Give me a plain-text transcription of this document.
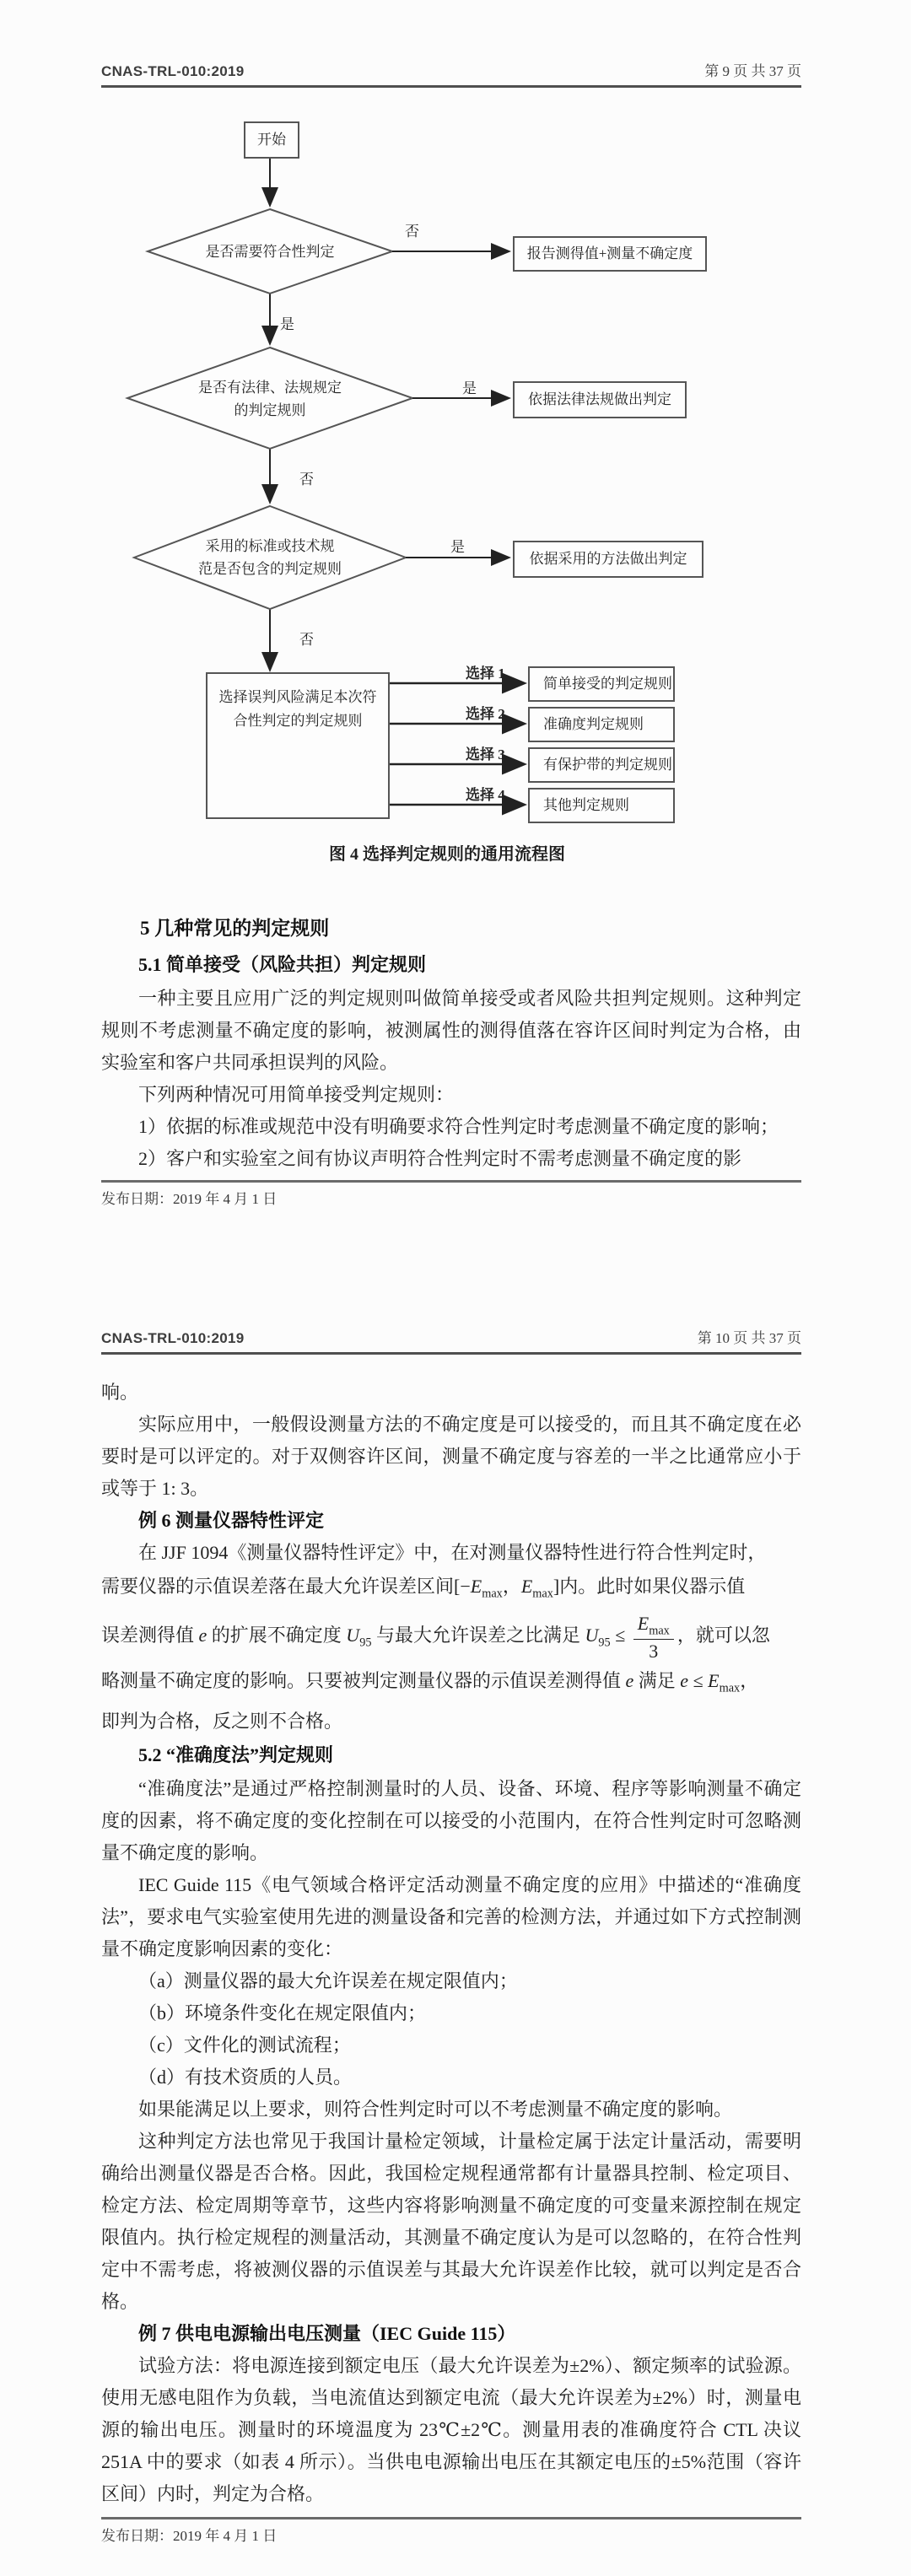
CNAS-TRL-010:2019	第 9 页 共 37 页
开始
是否需要符合性判定
否
报告测得值+测量不确定度
是
是否有法律、法规规定
的判定规则
是
依据法律法规做出判定
否
采用的标准或技术规
范是否包含的判定规则
是
依据采用的方法做出判定
否
选择误判风险满足本次符
合性判定的判定规则
选择 1
选择 2
选择 3
选择 4
简单接受的判定规则
准确度判定规则
有保护带的判定规则
其他判定规则
图 4 选择判定规则的通用流程图

5 几种常见的判定规则

5.1 简单接受（风险共担）判定规则

一种主要且应用广泛的判定规则叫做简单接受或者风险共担判定规则。这种判定规则不考虑测量不确定度的影响，被测属性的测得值落在容许区间时判定为合格，由实验室和客户共同承担误判的风险。

下列两种情况可用简单接受判定规则：

1）依据的标准或规范中没有明确要求符合性判定时考虑测量不确定度的影响；

2）客户和实验室之间有协议声明符合性判定时不需考虑测量不确定度的影

发布日期：2019 年 4 月 1 日
CNAS-TRL-010:2019	第 10 页 共 37 页

响。

实际应用中，一般假设测量方法的不确定度是可以接受的，而且其不确定度在必要时是可以评定的。对于双侧容许区间，测量不确定度与容差的一半之比通常应小于或等于 1: 3。

例 6 测量仪器特性评定

在 JJF 1094《测量仪器特性评定》中，在对测量仪器特性进行符合性判定时，
需要仪器的示值误差落在最大允许误差区间[$-E_{max}$，$E_{max}$]内。此时如果仪器示值
误差测得值 e 的扩展不确定度 $U_{95}$ 与最大允许误差之比满足 $U_{95} \le \frac{E_{max}}{3}$ ，就可以忽
略测量不确定度的影响。只要被判定测量仪器的示值误差测得值 e 满足 $e \le E_{max}$，
即判为合格，反之则不合格。

5.2 “准确度法”判定规则

“准确度法”是通过严格控制测量时的人员、设备、环境、程序等影响测量不确定度的因素，将不确定度的变化控制在可以接受的小范围内，在符合性判定时可忽略测量不确定度的影响。

IEC Guide 115《电气领域合格评定活动测量不确定度的应用》中描述的“准确度法”，要求电气实验室使用先进的测量设备和完善的检测方法，并通过如下方式控制测量不确定度影响因素的变化：

（a）测量仪器的最大允许误差在规定限值内；

（b）环境条件变化在规定限值内；

（c）文件化的测试流程；

（d）有技术资质的人员。

如果能满足以上要求，则符合性判定时可以不考虑测量不确定度的影响。

这种判定方法也常见于我国计量检定领域，计量检定属于法定计量活动，需要明确给出测量仪器是否合格。因此，我国检定规程通常都有计量器具控制、检定项目、检定方法、检定周期等章节，这些内容将影响测量不确定度的可变量来源控制在规定限值内。执行检定规程的测量活动，其测量不确定度认为是可以忽略的，在符合性判定中不需考虑，将被测仪器的示值误差与其最大允许误差作比较，就可以判定是否合格。

例 7 供电电源输出电压测量（IEC Guide 115）

试验方法：将电源连接到额定电压（最大允许误差为±2%）、额定频率的试验源。使用无感电阻作为负载，当电流值达到额定电流（最大允许误差为±2%）时，测量电源的输出电压。测量时的环境温度为 23℃±2℃。测量用表的准确度符合 CTL 决议 251A 中的要求（如表 4 所示）。当供电电源输出电压在其额定电压的±5%范围（容许区间）内时，判定为合格。

发布日期：2019 年 4 月 1 日
